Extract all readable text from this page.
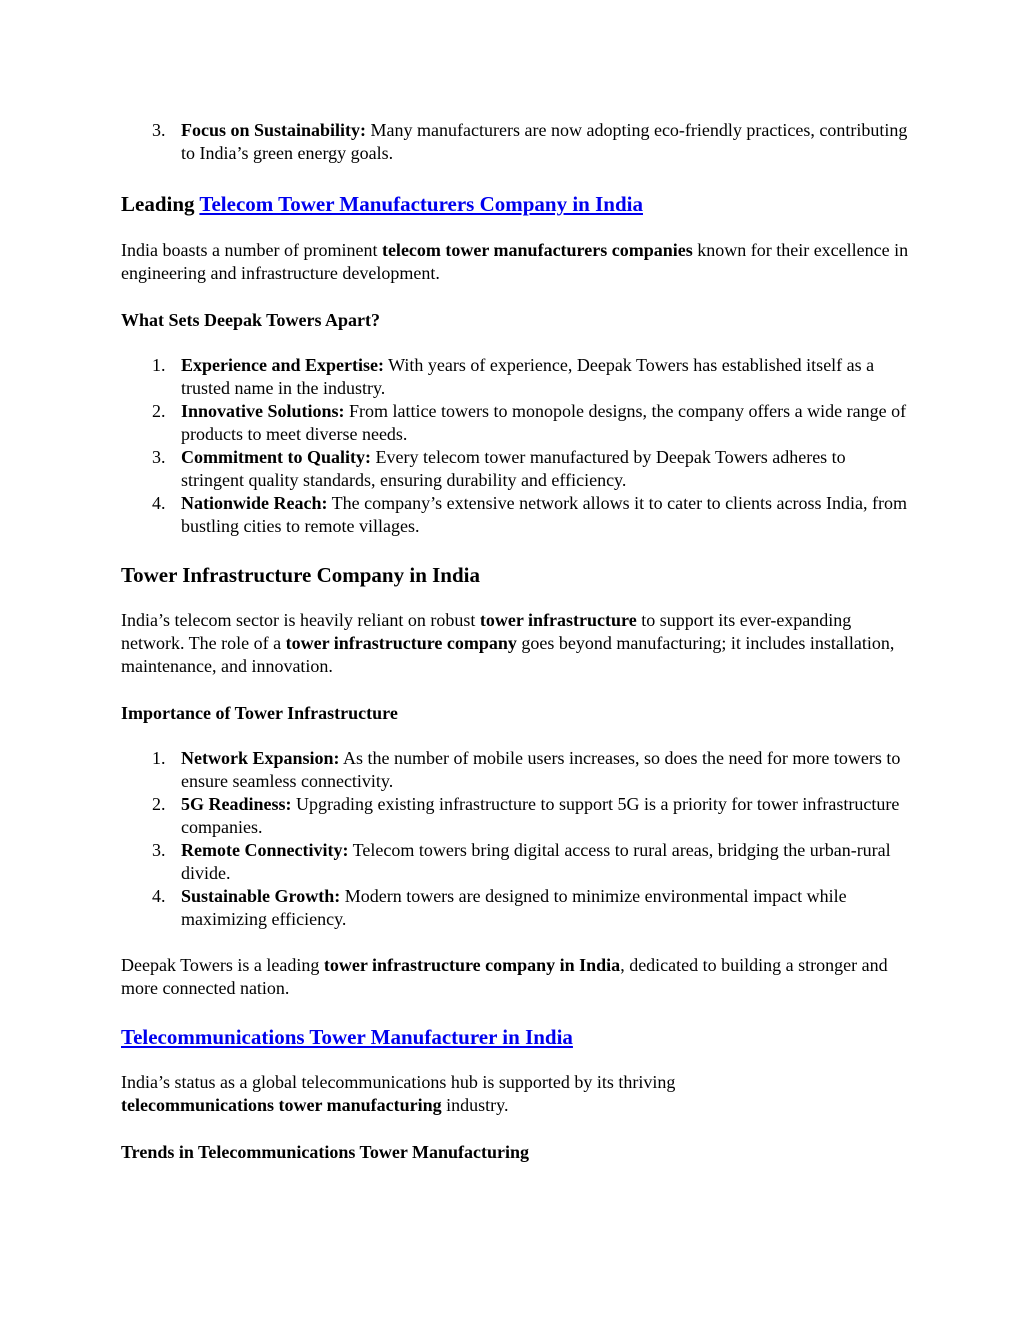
3. Focus on Sustainability: Many manufacturers are now adopting eco-friendly practices, contributing to India’s green energy goals.
Leading Telecom Tower Manufacturers Company in India

India boasts a number of prominent telecom tower manufacturers companies known for their excellence in engineering and infrastructure development.

What Sets Deepak Towers Apart?
1. Experience and Expertise: With years of experience, Deepak Towers has established itself as a trusted name in the industry.
2. Innovative Solutions: From lattice towers to monopole designs, the company offers a wide range of products to meet diverse needs.
3. Commitment to Quality: Every telecom tower manufactured by Deepak Towers adheres to stringent quality standards, ensuring durability and efficiency.
4. Nationwide Reach: The company’s extensive network allows it to cater to clients across India, from bustling cities to remote villages.
Tower Infrastructure Company in India

India’s telecom sector is heavily reliant on robust tower infrastructure to support its ever-expanding network. The role of a tower infrastructure company goes beyond manufacturing; it includes installation, maintenance, and innovation.

Importance of Tower Infrastructure
1. Network Expansion: As the number of mobile users increases, so does the need for more towers to ensure seamless connectivity.
2. 5G Readiness: Upgrading existing infrastructure to support 5G is a priority for tower infrastructure companies.
3. Remote Connectivity: Telecom towers bring digital access to rural areas, bridging the urban-rural divide.
4. Sustainable Growth: Modern towers are designed to minimize environmental impact while maximizing efficiency.

Deepak Towers is a leading tower infrastructure company in India, dedicated to building a stronger and more connected nation.

Telecommunications Tower Manufacturer in India

India’s status as a global telecommunications hub is supported by its thriving telecommunications tower manufacturing industry.

Trends in Telecommunications Tower Manufacturing
